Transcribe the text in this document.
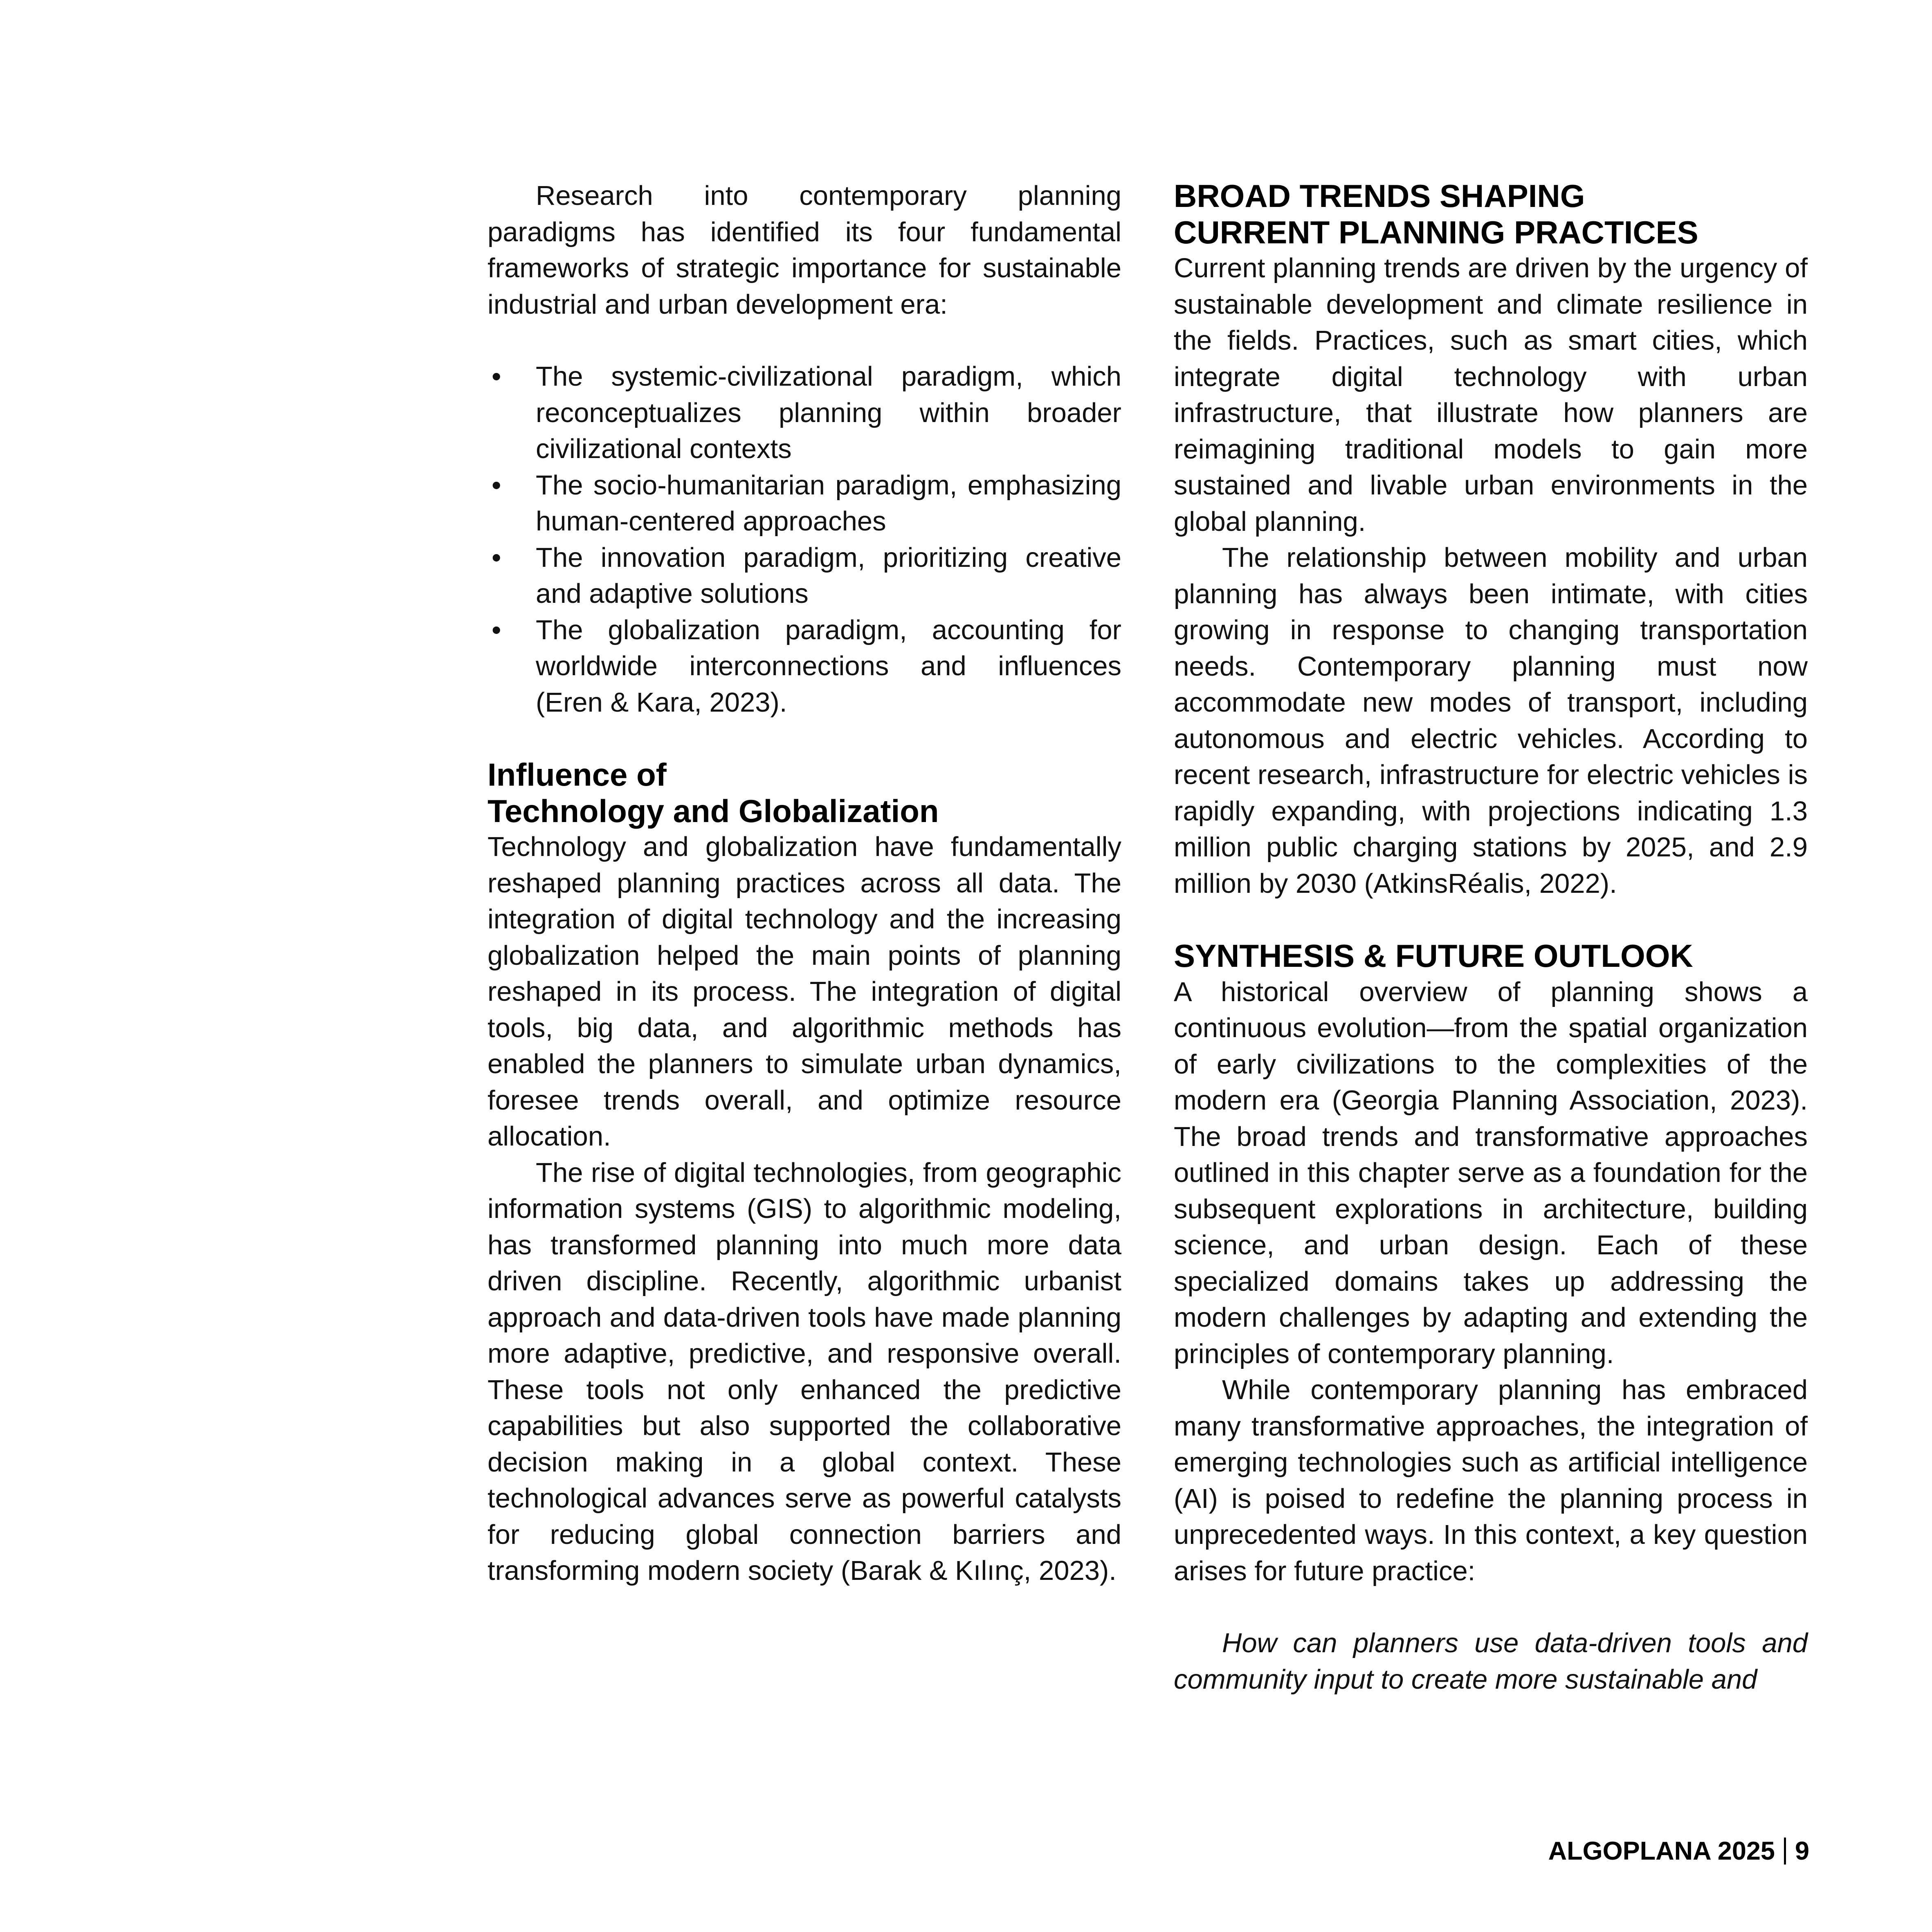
Research into contemporary planning paradigms has identified its four fundamental frameworks of strategic importance for sustainable industrial and urban development era:

•	The systemic-civilizational paradigm, which reconceptualizes planning within broader civilizational contexts
•	The socio-humanitarian paradigm, emphasizing human-centered approaches
•	The innovation paradigm, prioritizing creative and adaptive solutions
•	The globalization paradigm, accounting for worldwide interconnections and influences (Eren & Kara, 2023).
Influence of
Technology and Globalization

Technology and globalization have fundamentally reshaped planning practices across all data. The integration of digital technology and the increasing globalization helped the main points of planning reshaped in its process. The integration of digital tools, big data, and algorithmic methods has enabled the planners to simulate urban dynamics, foresee trends overall, and optimize resource allocation.

The rise of digital technologies, from geographic information systems (GIS) to algorithmic modeling, has transformed planning into much more data driven discipline. Recently, algorithmic urbanist approach and data-driven tools have made planning more adaptive, predictive, and responsive overall. These tools not only enhanced the predictive capabilities but also supported the collaborative decision making in a global context. These technological advances serve as powerful catalysts for reducing global connection barriers and transforming modern society (Barak & Kılınç, 2023).

BROAD TRENDS SHAPING
CURRENT PLANNING PRACTICES

Current planning trends are driven by the urgency of sustainable development and climate resilience in the fields. Practices, such as smart cities, which integrate digital technology with urban infrastructure, that illustrate how planners are reimagining traditional models to gain more sustained and livable urban environments in the global planning.

The relationship between mobility and urban planning has always been intimate, with cities growing in response to changing transportation needs. Contemporary planning must now accommodate new modes of transport, including autonomous and electric vehicles. According to recent research, infrastructure for electric vehicles is rapidly expanding, with projections indicating 1.3 million public charging stations by 2025, and 2.9 million by 2030 (AtkinsRéalis, 2022).

SYNTHESIS & FUTURE OUTLOOK

A historical overview of planning shows a continuous evolution—from the spatial organization of early civilizations to the complexities of the modern era (Georgia Planning Association, 2023). The broad trends and transformative approaches outlined in this chapter serve as a foundation for the subsequent explorations in architecture, building science, and urban design. Each of these specialized domains takes up addressing the modern challenges by adapting and extending the principles of contemporary planning.

While contemporary planning has embraced many transformative approaches, the integration of emerging technologies such as artificial intelligence (AI) is poised to redefine the planning process in unprecedented ways. In this context, a key question arises for future practice:

How can planners use data-driven tools and community input to create more sustainable and

ALGOPLANA 2025 9
